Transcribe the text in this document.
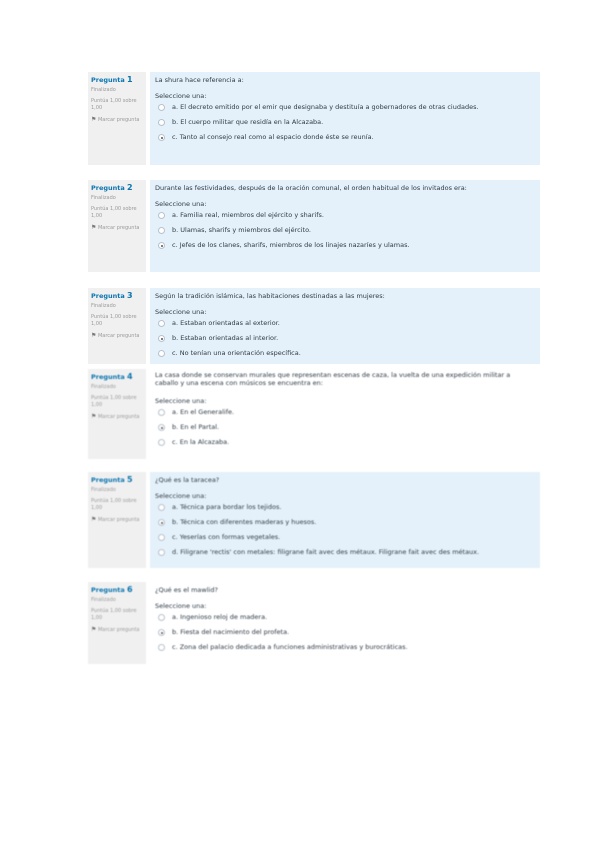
Pregunta 1
Finalizado
Puntúa 1,00 sobre 1,00
⚑ Marcar pregunta
La shura hace referencia a:
Seleccione una:
a. El decreto emitido por el emir que designaba y destituía a gobernadores de otras ciudades.
b. El cuerpo militar que residía en la Alcazaba.
c. Tanto al consejo real como al espacio donde éste se reunía.
Pregunta 2
Finalizado
Puntúa 1,00 sobre 1,00
⚑ Marcar pregunta
Durante las festividades, después de la oración comunal, el orden habitual de los invitados era:
Seleccione una:
a. Familia real, miembros del ejército y sharifs.
b. Ulamas, sharifs y miembros del ejército.
c. Jefes de los clanes, sharifs, miembros de los linajes nazaríes y ulamas.
Pregunta 3
Finalizado
Puntúa 1,00 sobre 1,00
⚑ Marcar pregunta
Según la tradición islámica, las habitaciones destinadas a las mujeres:
Seleccione una:
a. Estaban orientadas al exterior.
b. Estaban orientadas al interior.
c. No tenían una orientación específica.
Pregunta 4
Finalizado
Puntúa 1,00 sobre 1,00
⚑ Marcar pregunta
La casa donde se conservan murales que representan escenas de caza, la vuelta de una expedición militar a caballo y una escena con músicos se encuentra en:
Seleccione una:
a. En el Generalife.
b. En el Partal.
c. En la Alcazaba.
Pregunta 5
Finalizado
Puntúa 1,00 sobre 1,00
⚑ Marcar pregunta
¿Qué es la taracea?
Seleccione una:
a. Técnica para bordar los tejidos.
b. Técnica con diferentes maderas y huesos.
c. Yeserías con formas vegetales.
d. Filigrane 'rectis' con metales: filigrane fait avec des métaux. Filigrane fait avec des métaux.
Pregunta 6
Finalizado
Puntúa 1,00 sobre 1,00
⚑ Marcar pregunta
¿Qué es el mawlid?
Seleccione una:
a. Ingenioso reloj de madera.
b. Fiesta del nacimiento del profeta.
c. Zona del palacio dedicada a funciones administrativas y burocráticas.
